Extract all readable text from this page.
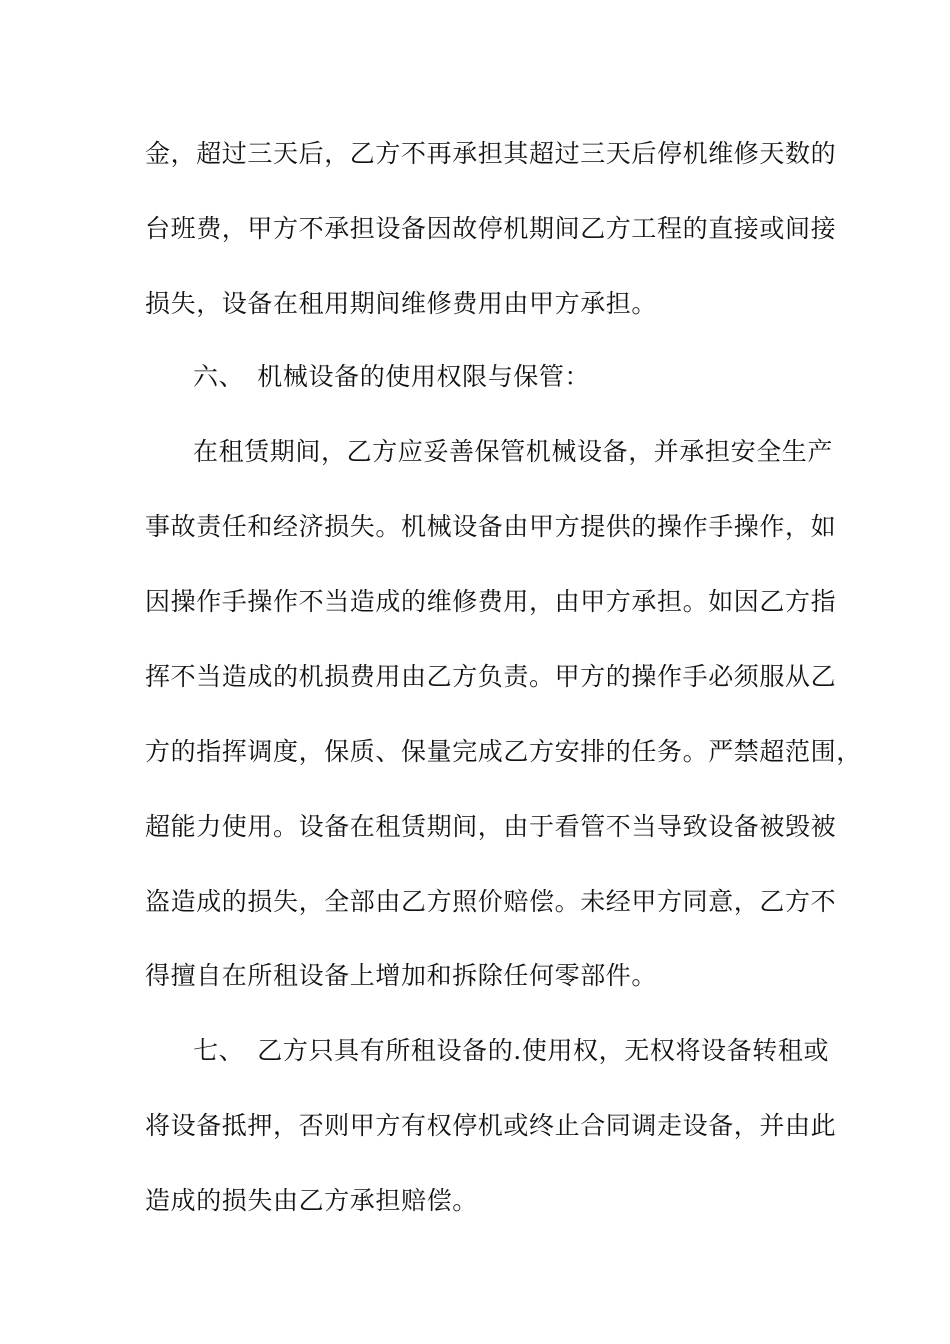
金，超过三天后，乙方不再承担其超过三天后停机维修天数的
台班费，甲方不承担设备因故停机期间乙方工程的直接或间接
损失，设备在租用期间维修费用由甲方承担。
六、　机械设备的使用权限与保管：
在租赁期间，乙方应妥善保管机械设备，并承担安全生产
事故责任和经济损失。机械设备由甲方提供的操作手操作，如
因操作手操作不当造成的维修费用，由甲方承担。如因乙方指
挥不当造成的机损费用由乙方负责。甲方的操作手必须服从乙
方的指挥调度，保质、保量完成乙方安排的任务。严禁超范围，
超能力使用。设备在租赁期间，由于看管不当导致设备被毁被
盗造成的损失，全部由乙方照价赔偿。未经甲方同意，乙方不
得擅自在所租设备上增加和拆除任何零部件。
七、　乙方只具有所租设备的.使用权，无权将设备转租或
将设备抵押，否则甲方有权停机或终止合同调走设备，并由此
造成的损失由乙方承担赔偿。
